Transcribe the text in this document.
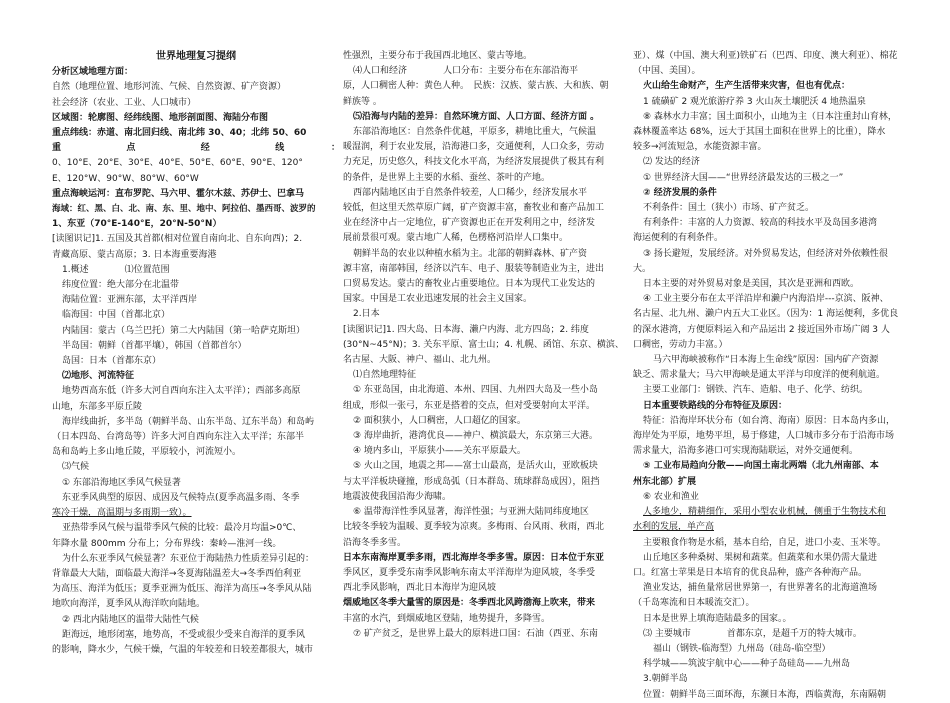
世界地理复习提纲
分析区域地理方面：
自然（地理位置、地形河流、气候、自然资源、矿产资源）
社会经济（农业、工业、人口城市）
区域图：轮廓图、经纬线图、地形剖面图、海陆分布图
重点纬线：赤道、南北回归线、南北纬 30、40；北纬 50、60
重　　　点　　　经　　　线　　：
0、10°E、20°E、30°E、40°E、50°E、60°E、90°E、120°
E、120°W、90°W、80°W、60°W
重点海峡运河：直布罗陀、马六甲、霍尔木兹、苏伊士、巴拿马
海域：红、黑、白、北、南、东、里、地中、阿拉伯、墨西哥、波罗的
1、东亚（70°E-140°E，20°N-50°N）
[读图识记]1. 五国及其首都(相对位置自南向北、自东向西)；2.
青藏高原、蒙古高原；3. 日本海重要海港
1.概述　　　　⑴位置范围
纬度位置：绝大部分在北温带
海陆位置：亚洲东部，太平洋西岸
临海国：中国（首都北京）
内陆国：蒙古（乌兰巴托）第二大内陆国（第一哈萨克斯坦）
半岛国：朝鲜（首都平壤），韩国（首都首尔）
岛国：日本（首都东京）
⑵地形、河流特征
地势西高东低（许多大河自西向东注入太平洋）；西部多高原
山地，东部多平原丘陵
海岸线曲折，多半岛（朝鲜半岛、山东半岛、辽东半岛）和岛屿
（日本四岛、台湾岛等）许多大河自西向东注入太平洋；东部半
岛和岛屿上多山地丘陵，平原较小，河流短小。
⑶气候
① 东部沿海地区季风气候显著
东亚季风典型的原因、成因及气候特点(夏季高温多雨、冬季
寒冷干燥，高温期与多雨期一致）。
亚热带季风气候与温带季风气候的比较：最冷月均温>0℃、
年降水量 800mm 分布上；分布界线：秦岭—淮河一线。
为什么东亚季风气候显著？东亚位于海陆热力性质差异引起的：
背靠最大大陆，面临最大海洋→冬夏海陆温差大→冬季西伯利亚
为高压、海洋为低压；夏季亚洲为低压、海洋为高压→冬季风从陆
地吹向海洋，夏季风从海洋吹向陆地。
② 西北内陆地区的温带大陆性气候
距海远，地形闭塞，地势高，不受或很少受来自海洋的夏季风
的影响，降水少，气候干燥，气温的年较差和日较差都很大，城市
性强烈，主要分布于我国西北地区、蒙古等地。
⑷人口和经济　　　　人口分布：主要分布在东部沿海平
原，人口稠密人种：黄色人种。　民族：汉族、蒙古族、大和族、朝
鲜族等 。
⑸沿海与内陆的差异：自然环境方面、人口方面、经济方面 。
东部沿海地区：自然条件优越，平原多，耕地比重大，气候温
暖湿润，利于农业发展，沿海港口多，交通便利，人口众多，劳动
力充足，历史悠久，科技文化水平高，为经济发展提供了极其有利
的条件，是世界上主要的水稻、蚕丝、茶叶的产地。
西部内陆地区由于自然条件较差，人口稀少，经济发展水平
较低，但这里天然草原广阔，矿产资源丰富，畜牧业和畜产品加工
业在经济中占一定地位，矿产资源也正在开发利用之中，经济发
展前景很可观。蒙古地广人稀，色楞格河沿岸人口集中。
朝鲜半岛的农业以种植水稻为主。北部的朝鲜森林、矿产资
源丰富，南部韩国，经济以汽车、电子、服装等制造业为主，进出
口贸易发达。蒙古的畜牧业占重要地位。日本为现代工业发达的
国家。中国是工农业迅速发展的社会主义国家。
2.日本
[读图识记]1. 四大岛、日本海、濑户内海、北方四岛；2. 纬度
(30°N~45°N)；3. 关东平原、富士山；4. 札幌、函馆、东京、横滨、
名古屋、大阪、神户、福山、北九州。
⑴自然地理特征
① 东亚岛国，由北海道、本州、四国、九州四大岛及一些小岛
组成，形似一张弓，东亚是搭着的交点，但对受要射向太平洋。
② 面积狭小，人口稠密，人口超亿的国家。
③ 海岸曲折，港湾优良——神户、横滨最大，东京第三大港。
④ 境内多山，平原狭小——关东平原最大。
⑤ 火山之国，地震之邦——富士山最高，是活火山，亚欧板块
与太平洋板块碰撞，形成岛弧（日本群岛、琉球群岛成因），阻挡
地震波使我国沿海少海啸。
⑥ 温带海洋性季风显著，海洋性强；与亚洲大陆同纬度地区
比较冬季较为温暖、夏季较为凉爽。多梅雨、台风雨、秋雨，西北
沿海冬季多雪。
日本东南海岸夏季多雨，西北海岸冬季多雪。原因：日本位于东亚
季风区，夏季受东南季风影响东南太平洋海岸为迎风坡，冬季受
西北季风影响，西北日本海岸为迎风坡
烟威地区冬季大量雪的原因是：冬季西北风跨渤海上吹来，带来
丰富的水汽，到烟威地区登陆，地势提升，多降雪。
⑦ 矿产贫乏，是世界上最大的原料进口国：石油（西亚、东南
亚）、煤（中国、澳大利亚)铁矿石（巴西、印度、澳大利亚）、棉花
（中国、美国）。
火山给生命财产，生产生活带来灾害，但也有优点：
1 硫磺矿 2 观光旅游疗养 3 火山灰土壤肥沃 4 地热温泉
⑧ 森林水力丰富；国土面积小，山地为主（日本注重封山育林，
森林覆盖率达 68%，远大于其国土面积在世界上的比重），降水
较多→河流短急，水能资源丰富。
⑵ 发达的经济
① 世界经济大国——“世界经济最发达的三极之一”
② 经济发展的条件
不利条件：国土（狭小）市场、矿产贫乏。
有利条件：丰富的人力资源、较高的科技水平及岛国多港湾
海运便利的有利条件。
③ 扬长避短，发展经济。对外贸易发达，但经济对外依赖性很
大。
日本主要的对外贸易对象是美国，其次是亚洲和西欧。
④ 工业主要分布在太平洋沿岸和濑户内海沿岸---京滨、阪神、
名古屋、北九州、濑户内五大工业区。（因为：1 海运便利，多优良
的深水港湾，方便原料运入和产品运出 2 接近国外市场广阔 3 人
口稠密，劳动力丰富。）
马六甲海峡被称作“日本海上生命线”原因：国内矿产资源
缺乏、需求量大；马六甲海峡是通太平洋与印度洋的便利航道。
主要工业部门：钢铁、汽车、造船、电子、化学、纺织。
日本重要铁路线的分布特征及原因：
特征：沿海岸环状分布（如台湾、海南）原因：日本岛内多山，
海岸处为平原，地势平坦，易于修建，人口城市多分布于沿海市场
需求量大，沿海多港口可实现海陆联运，对外交通便利。
⑤ 工业布局趋向分散——向国土南北两端（北九州南部、本
州东北部）扩展
⑥ 农业和渔业
人多地少，精耕细作，采用小型农业机械，侧重于生物技术和
水利的发展，单产高
主要粮食作物是水稻，基本自给，自足，进口小麦、玉米等。
山丘地区多种桑树、果树和蔬菜。但蔬菜和水果仍需大量进
口。红富士苹果是日本培育的优良品种，盛产各种海产品。
渔业发达，捕鱼量常居世界第一，有世界著名的北海道渔场
（千岛寒流和日本暖流交汇）。
日本是世界上填海造陆最多的国家。。
⑶ 主要城市　　　　首都东京，是超千万的特大城市。
福山（钢铁-临海型）九州岛（硅岛-临空型）
科学城——筑波宇航中心——种子岛硅岛——九州岛
3.朝鲜半岛
位置：朝鲜半岛三面环海，东濒日本海，西临黄海，东南隔朝
